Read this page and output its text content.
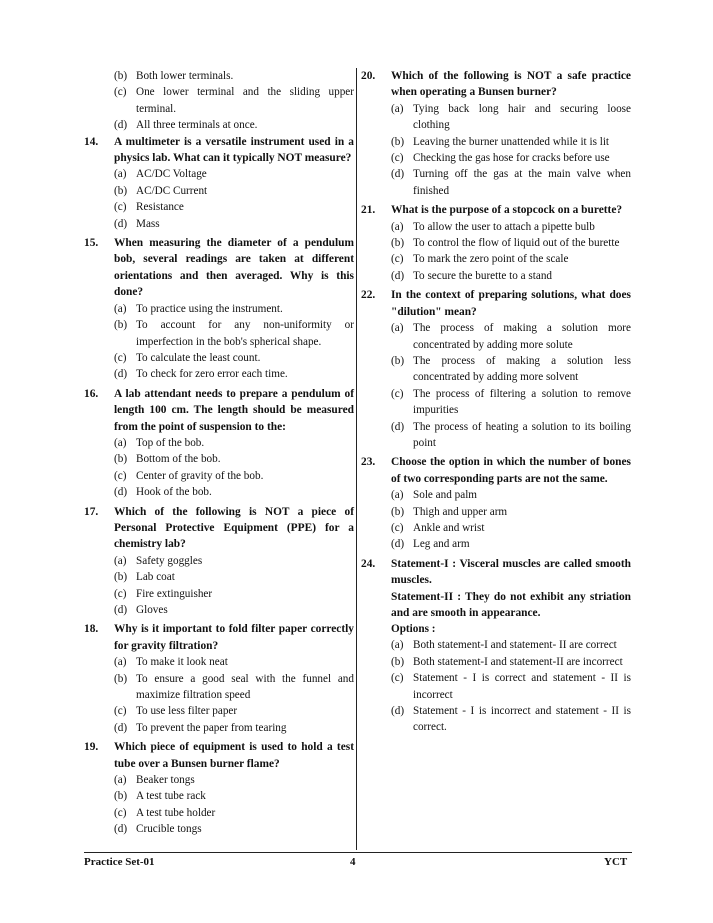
(b) Both lower terminals.
(c) One lower terminal and the sliding upper terminal.
(d) All three terminals at once.
14.	A multimeter is a versatile instrument used in a physics lab. What can it typically NOT measure?
(a) AC/DC Voltage
(b) AC/DC Current
(c) Resistance
(d) Mass
15.	When measuring the diameter of a pendulum bob, several readings are taken at different orientations and then averaged. Why is this done?
(a) To practice using the instrument.
(b) To account for any non-uniformity or imperfection in the bob's spherical shape.
(c) To calculate the least count.
(d) To check for zero error each time.
16.	A lab attendant needs to prepare a pendulum of length 100 cm. The length should be measured from the point of suspension to the:
(a) Top of the bob.
(b) Bottom of the bob.
(c) Center of gravity of the bob.
(d) Hook of the bob.
17.	Which of the following is NOT a piece of Personal Protective Equipment (PPE) for a chemistry lab?
(a) Safety goggles
(b) Lab coat
(c) Fire extinguisher
(d) Gloves
18.	Why is it important to fold filter paper correctly for gravity filtration?
(a) To make it look neat
(b) To ensure a good seal with the funnel and maximize filtration speed
(c) To use less filter paper
(d) To prevent the paper from tearing
19.	Which piece of equipment is used to hold a test tube over a Bunsen burner flame?
(a) Beaker tongs
(b) A test tube rack
(c) A test tube holder
(d) Crucible tongs
20.	Which of the following is NOT a safe practice when operating a Bunsen burner?
(a) Tying back long hair and securing loose clothing
(b) Leaving the burner unattended while it is lit
(c) Checking the gas hose for cracks before use
(d) Turning off the gas at the main valve when finished
21.	What is the purpose of a stopcock on a burette?
(a) To allow the user to attach a pipette bulb
(b) To control the flow of liquid out of the burette
(c) To mark the zero point of the scale
(d) To secure the burette to a stand
22.	In the context of preparing solutions, what does "dilution" mean?
(a) The process of making a solution more concentrated by adding more solute
(b) The process of making a solution less concentrated by adding more solvent
(c) The process of filtering a solution to remove impurities
(d) The process of heating a solution to its boiling point
23.	Choose the option in which the number of bones of two corresponding parts are not the same.
(a) Sole and palm
(b) Thigh and upper arm
(c) Ankle and wrist
(d) Leg and arm
24.	Statement-I : Visceral muscles are called smooth muscles.
Statement-II : They do not exhibit any striation and are smooth in appearance.
Options :
(a) Both statement-I and statement- II are correct
(b) Both statement-I and statement-II are incorrect
(c) Statement - I is correct and statement - II is incorrect
(d) Statement - I is incorrect and statement - II is correct.
Practice Set-01	4	YCT
